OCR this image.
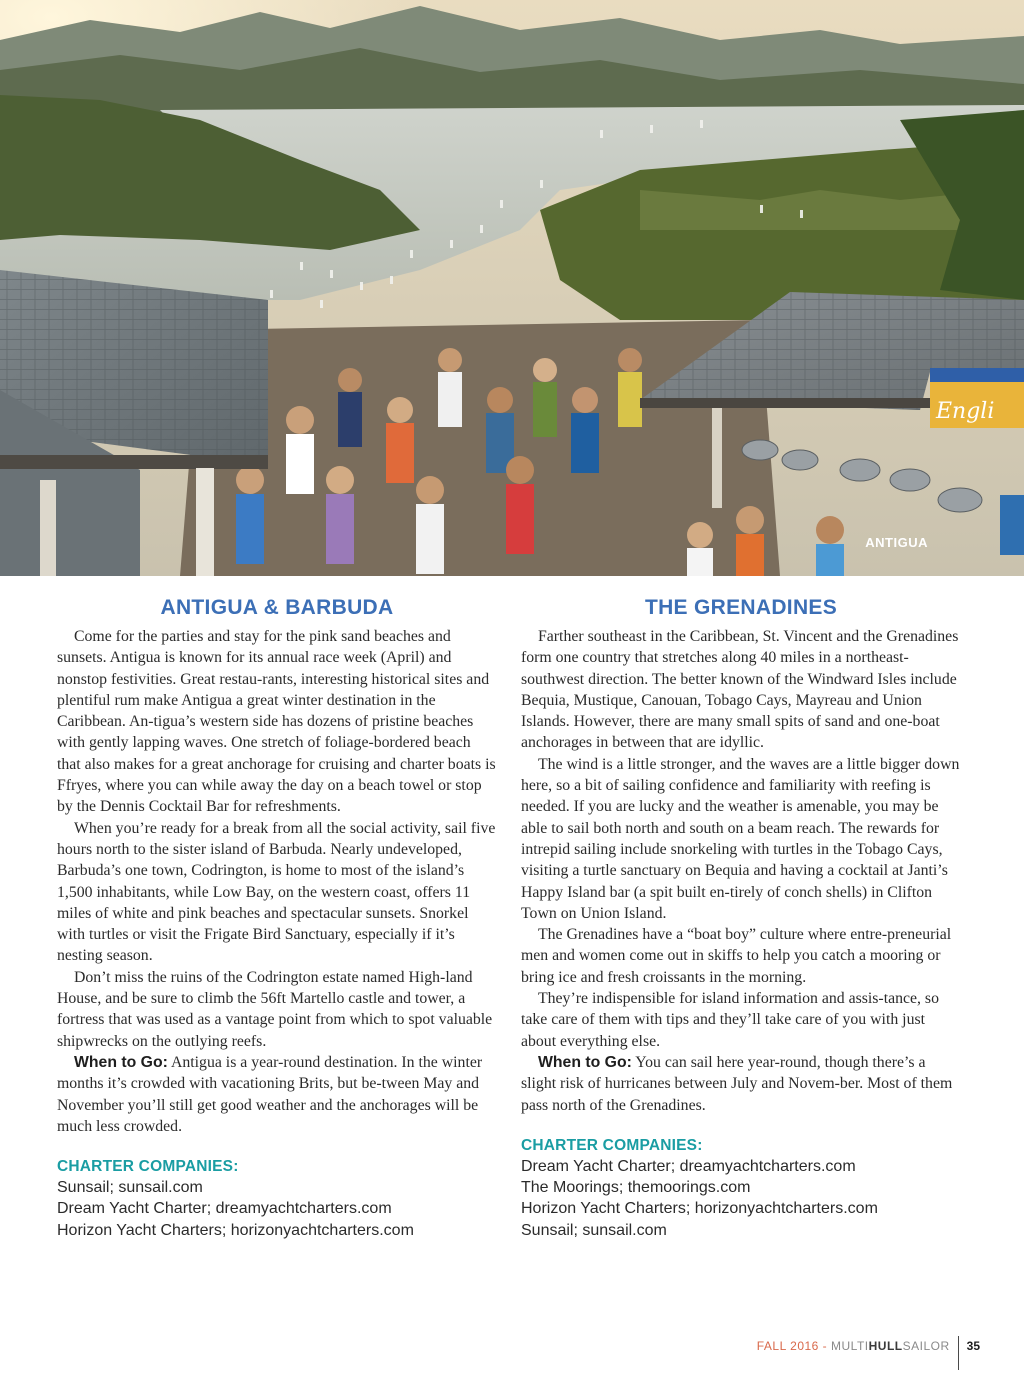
Engli
ANTIGUA
ANTIGUA & BARBUDA

Come for the parties and stay for the pink sand beaches and sunsets. Antigua is known for its annual race week (April) and nonstop festivities. Great restau-rants, interesting historical sites and plentiful rum make Antigua a great winter destination in the Caribbean. An-tigua’s western side has dozens of pristine beaches with gently lapping waves. One stretch of foliage-bordered beach that also makes for a great anchorage for cruising and charter boats is Ffryes, where you can while away the day on a beach towel or stop by the Dennis Cocktail Bar for refreshments.

When you’re ready for a break from all the social activity, sail five hours north to the sister island of Barbuda. Nearly undeveloped, Barbuda’s one town, Codrington, is home to most of the island’s 1,500 inhabitants, while Low Bay, on the western coast, offers 11 miles of white and pink beaches and spectacular sunsets. Snorkel with turtles or visit the Frigate Bird Sanctuary, especially if it’s nesting season.

Don’t miss the ruins of the Codrington estate named High-land House, and be sure to climb the 56ft Martello castle and tower, a fortress that was used as a vantage point from which to spot valuable shipwrecks on the outlying reefs.

When to Go: Antigua is a year-round destination. In the winter months it’s crowded with vacationing Brits, but be-tween May and November you’ll still get good weather and the anchorages will be much less crowded.

CHARTER COMPANIES:
Sunsail; sunsail.com
Dream Yacht Charter; dreamyachtcharters.com
Horizon Yacht Charters; horizonyachtcharters.com
THE GRENADINES

Farther southeast in the Caribbean, St. Vincent and the Grenadines form one country that stretches along 40 miles in a northeast-southwest direction. The better known of the Windward Isles include Bequia, Mustique, Canouan, Tobago Cays, Mayreau and Union Islands. However, there are many small spits of sand and one-boat anchorages in between that are idyllic.

The wind is a little stronger, and the waves are a little bigger down here, so a bit of sailing confidence and familiarity with reefing is needed. If you are lucky and the weather is amenable, you may be able to sail both north and south on a beam reach. The rewards for intrepid sailing include snorkeling with turtles in the Tobago Cays, visiting a turtle sanctuary on Bequia and having a cocktail at Janti’s Happy Island bar (a spit built en-tirely of conch shells) in Clifton Town on Union Island.

The Grenadines have a “boat boy” culture where entre-preneurial men and women come out in skiffs to help you catch a mooring or bring ice and fresh croissants in the morning.

They’re indispensible for island information and assis-tance, so take care of them with tips and they’ll take care of you with just about everything else.

When to Go: You can sail here year-round, though there’s a slight risk of hurricanes between July and Novem-ber. Most of them pass north of the Grenadines.

CHARTER COMPANIES:
Dream Yacht Charter; dreamyachtcharters.com
The Moorings; themoorings.com
Horizon Yacht Charters; horizonyachtcharters.com
Sunsail; sunsail.com
FALL 2016 - MULTIHULLSAILOR 35
